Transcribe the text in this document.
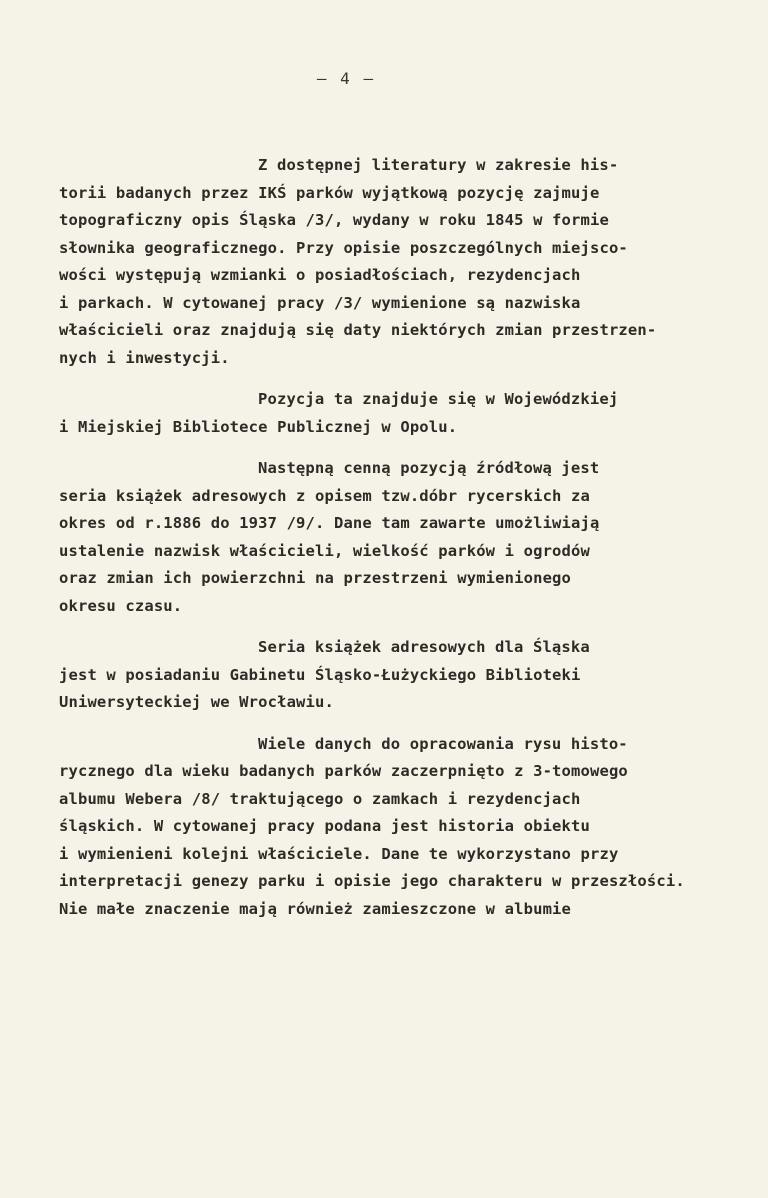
— 4 —
Z dostępnej literatury w zakresie his-
torii badanych przez IKŚ parków wyjątkową pozycję zajmuje
topograficzny opis Śląska /3/, wydany w roku 1845 w formie
słownika geograficznego. Przy opisie poszczególnych miejsco-
wości występują wzmianki o posiadłościach, rezydencjach
i parkach. W cytowanej pracy /3/ wymienione są nazwiska
właścicieli oraz znajdują się daty niektórych zmian przestrzen-
nych i inwestycji.
Pozycja ta znajduje się w Wojewódzkiej
i Miejskiej Bibliotece Publicznej w Opolu.
Następną cenną pozycją źródłową jest
seria książek adresowych z opisem tzw.dóbr rycerskich za
okres od r.1886 do 1937 /9/. Dane tam zawarte umożliwiają
ustalenie nazwisk właścicieli, wielkość parków i ogrodów
oraz zmian ich powierzchni na przestrzeni wymienionego
okresu czasu.
Seria książek adresowych dla Śląska
jest w posiadaniu Gabinetu Śląsko-Łużyckiego Biblioteki
Uniwersyteckiej we Wrocławiu.
Wiele danych do opracowania rysu histo-
rycznego dla wieku badanych parków zaczerpnięto z 3-tomowego
albumu Webera /8/ traktującego o zamkach i rezydencjach
śląskich. W cytowanej pracy podana jest historia obiektu
i wymienieni kolejni właściciele. Dane te wykorzystano przy
interpretacji genezy parku i opisie jego charakteru w przeszłości.
Nie małe znaczenie mają również zamieszczone w albumie
